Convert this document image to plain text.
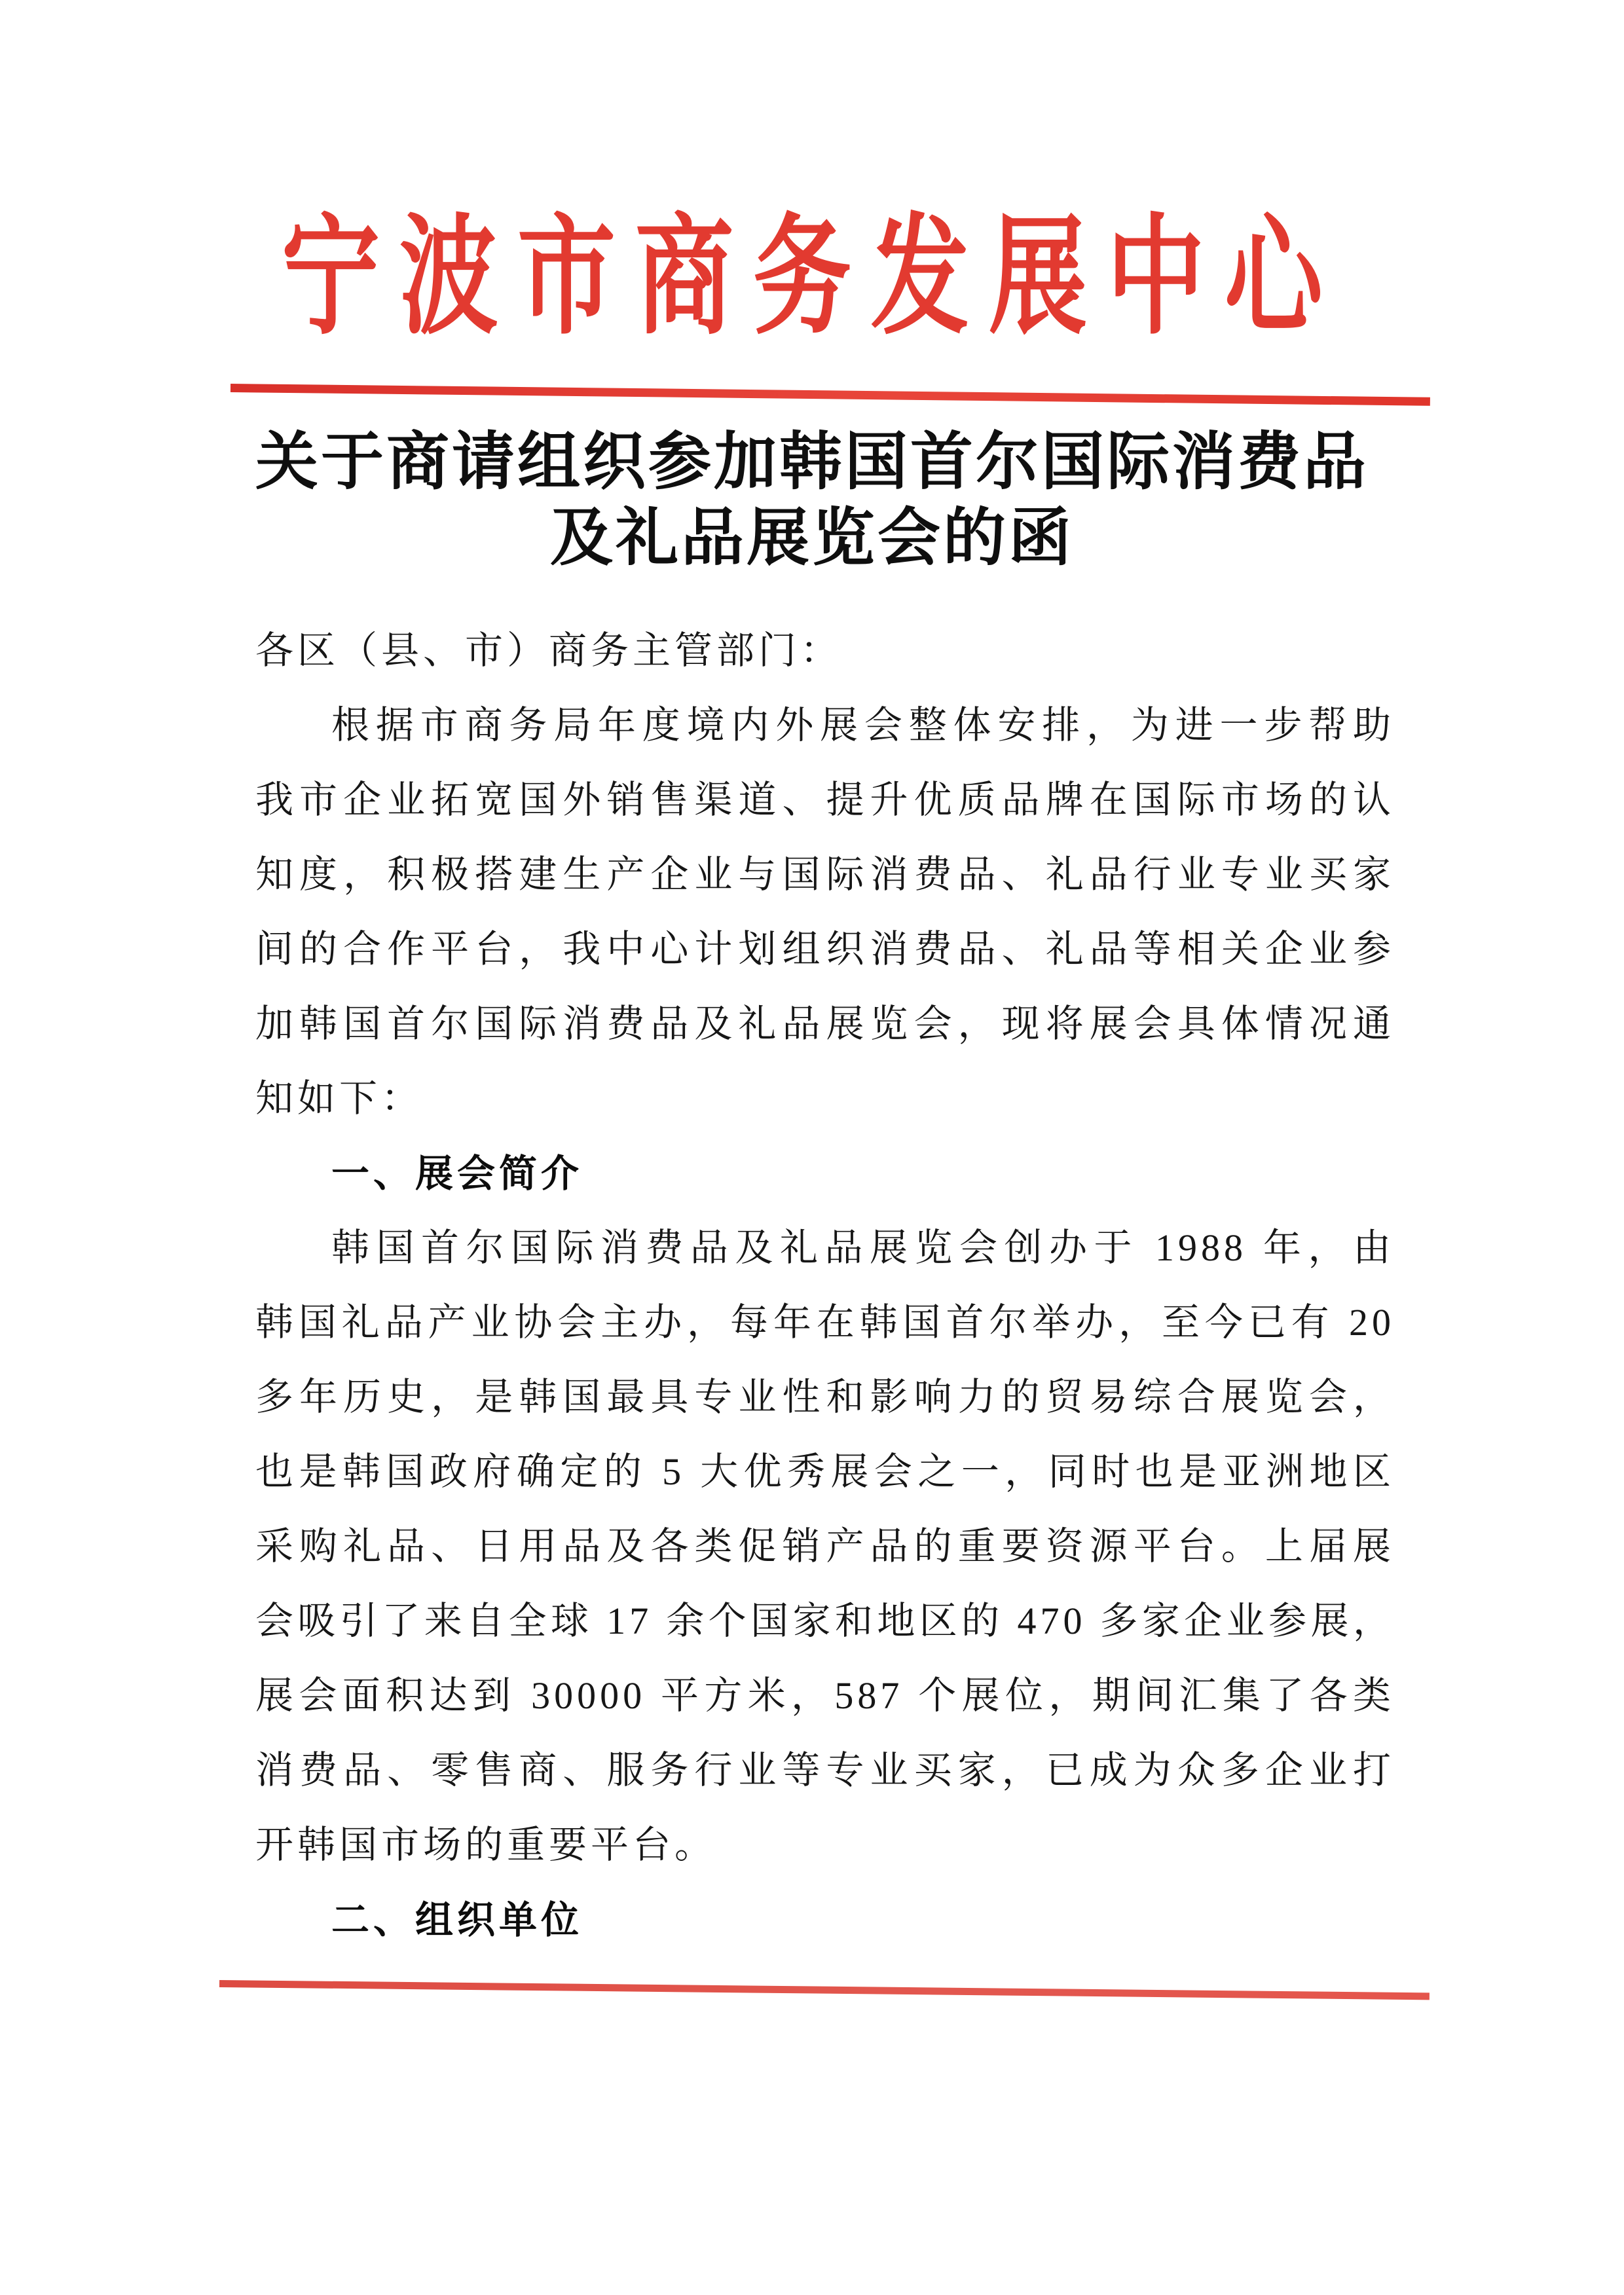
宁波市商务发展中心
关于商请组织参加韩国首尔国际消费品
及礼品展览会的函
各区（县、市）商务主管部门：
根据市商务局年度境内外展会整体安排，为进一步帮助
我市企业拓宽国外销售渠道、提升优质品牌在国际市场的认
知度，积极搭建生产企业与国际消费品、礼品行业专业买家
间的合作平台，我中心计划组织消费品、礼品等相关企业参
加韩国首尔国际消费品及礼品展览会，现将展会具体情况通
知如下：
一、展会简介
韩国首尔国际消费品及礼品展览会创办于 1988 年，由
韩国礼品产业协会主办，每年在韩国首尔举办，至今已有 20
多年历史，是韩国最具专业性和影响力的贸易综合展览会，
也是韩国政府确定的 5 大优秀展会之一，同时也是亚洲地区
采购礼品、日用品及各类促销产品的重要资源平台。上届展
会吸引了来自全球 17 余个国家和地区的 470 多家企业参展，
展会面积达到 30000 平方米，587 个展位，期间汇集了各类
消费品、零售商、服务行业等专业买家，已成为众多企业打
开韩国市场的重要平台。
二、组织单位
